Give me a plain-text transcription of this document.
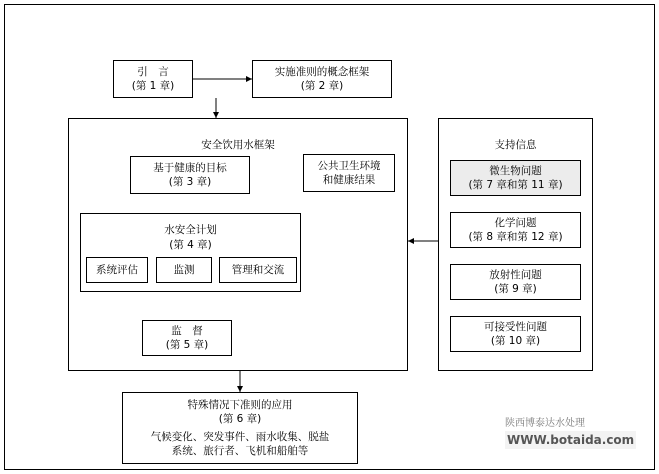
引　言
(第 1 章)
实施准则的概念框架
(第 2 章)
安全饮用水框架
基于健康的目标
(第 3 章)
公共卫生环境
和健康结果
水安全计划
(第 4 章)
系统评估	监测	管理和交流
监　督
(第 5 章)
支持信息
微生物问题
(第 7 章和第 11 章)
化学问题
(第 8 章和第 12 章)
放射性问题
(第 9 章)
可接受性问题
(第 10 章)
特殊情况下准则的应用
(第 6 章)
气候变化、突发事件、雨水收集、脱盐
系统、旅行者、飞机和船舶等
陕西博泰达水处理
WWW.botaida.com
